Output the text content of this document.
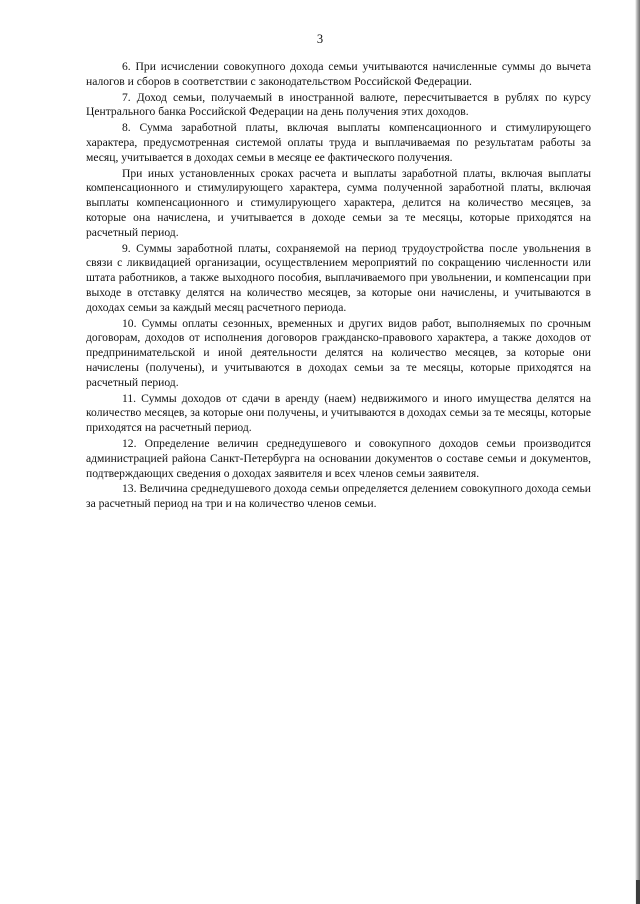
3

6. При исчислении совокупного дохода семьи учитываются начисленные суммы до вычета налогов и сборов в соответствии с законодательством Российской Федерации.

7. Доход семьи, получаемый в иностранной валюте, пересчитывается в рублях по курсу Центрального банка Российской Федерации на день получения этих доходов.

8. Сумма заработной платы, включая выплаты компенсационного и стимулирующего характера, предусмотренная системой оплаты труда и выплачиваемая по результатам работы за месяц, учитывается в доходах семьи в месяце ее фактического получения.

При иных установленных сроках расчета и выплаты заработной платы, включая выплаты компенсационного и стимулирующего характера, сумма полученной заработной платы, включая выплаты компенсационного и стимулирующего характера, делится на количество месяцев, за которые она начислена, и учитывается в доходе семьи за те месяцы, которые приходятся на расчетный период.

9. Суммы заработной платы, сохраняемой на период трудоустройства после увольнения в связи с ликвидацией организации, осуществлением мероприятий по сокращению численности или штата работников, а также выходного пособия, выплачиваемого при увольнении, и компенсации при выходе в отставку делятся на количество месяцев, за которые они начислены, и учитываются в доходах семьи за каждый месяц расчетного периода.

10. Суммы оплаты сезонных, временных и других видов работ, выполняемых по срочным договорам, доходов от исполнения договоров гражданско-правового характера, а также доходов от предпринимательской и иной деятельности делятся на количество месяцев, за которые они начислены (получены), и учитываются в доходах семьи за те месяцы, которые приходятся на расчетный период.

11. Суммы доходов от сдачи в аренду (наем) недвижимого и иного имущества делятся на количество месяцев, за которые они получены, и учитываются в доходах семьи за те месяцы, которые приходятся на расчетный период.

12. Определение величин среднедушевого и совокупного доходов семьи производится администрацией района Санкт-Петербурга на основании документов о составе семьи и документов, подтверждающих сведения о доходах заявителя и всех членов семьи заявителя.

13. Величина среднедушевого дохода семьи определяется делением совокупного дохода семьи за расчетный период на три и на количество членов семьи.
